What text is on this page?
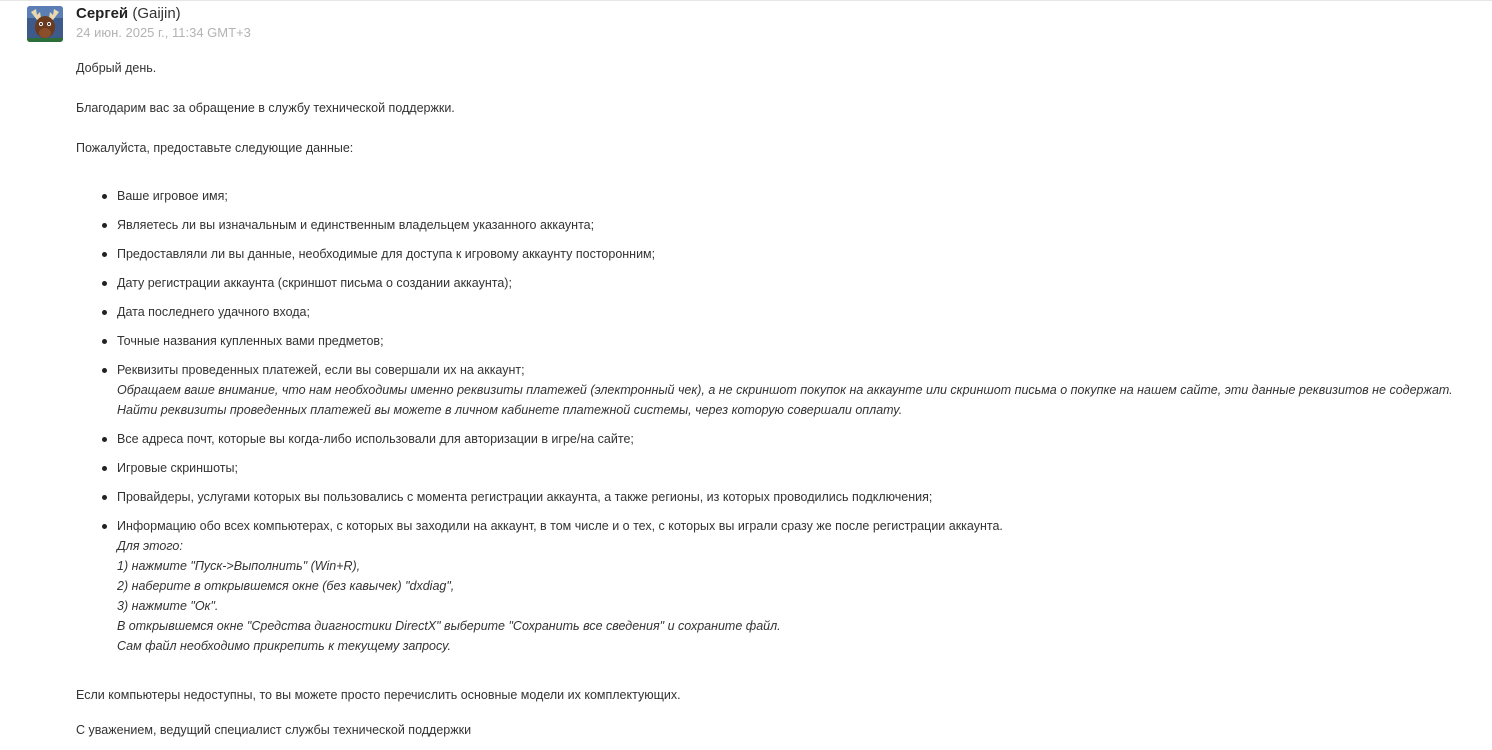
Сергей (Gaijin)
24 июн. 2025 г., 11:34 GMT+3

Добрый день.

Благодарим вас за обращение в службу технической поддержки.

Пожалуйста, предоставьте следующие данные:

Ваше игровое имя;
Являетесь ли вы изначальным и единственным владельцем указанного аккаунта;
Предоставляли ли вы данные, необходимые для доступа к игровому аккаунту посторонним;
Дату регистрации аккаунта (скриншот письма о создании аккаунта);
Дата последнего удачного входа;
Точные названия купленных вами предметов;
Реквизиты проведенных платежей, если вы совершали их на аккаунт;
Обращаем ваше внимание, что нам необходимы именно реквизиты платежей (электронный чек), а не скриншот покупок на аккаунте или скриншот письма о покупке на нашем сайте, эти данные реквизитов не содержат. Найти реквизиты проведенных платежей вы можете в личном кабинете платежной системы, через которую совершали оплату.
Все адреса почт, которые вы когда-либо использовали для авторизации в игре/на сайте;
Игровые скриншоты;
Провайдеры, услугами которых вы пользовались с момента регистрации аккаунта, а также регионы, из которых проводились подключения;
Информацию обо всех компьютерах, с которых вы заходили на аккаунт, в том числе и о тех, с которых вы играли сразу же после регистрации аккаунта.
Для этого:
1) нажмите "Пуск->Выполнить" (Win+R),
2) наберите в открывшемся окне (без кавычек) "dxdiag",
3) нажмите "Ок".
В открывшемся окне "Средства диагностики DirectX" выберите "Сохранить все сведения" и сохраните файл.
Сам файл необходимо прикрепить к текущему запросу.

Если компьютеры недоступны, то вы можете просто перечислить основные модели их комплектующих.

С уважением, ведущий специалист службы технической поддержки
